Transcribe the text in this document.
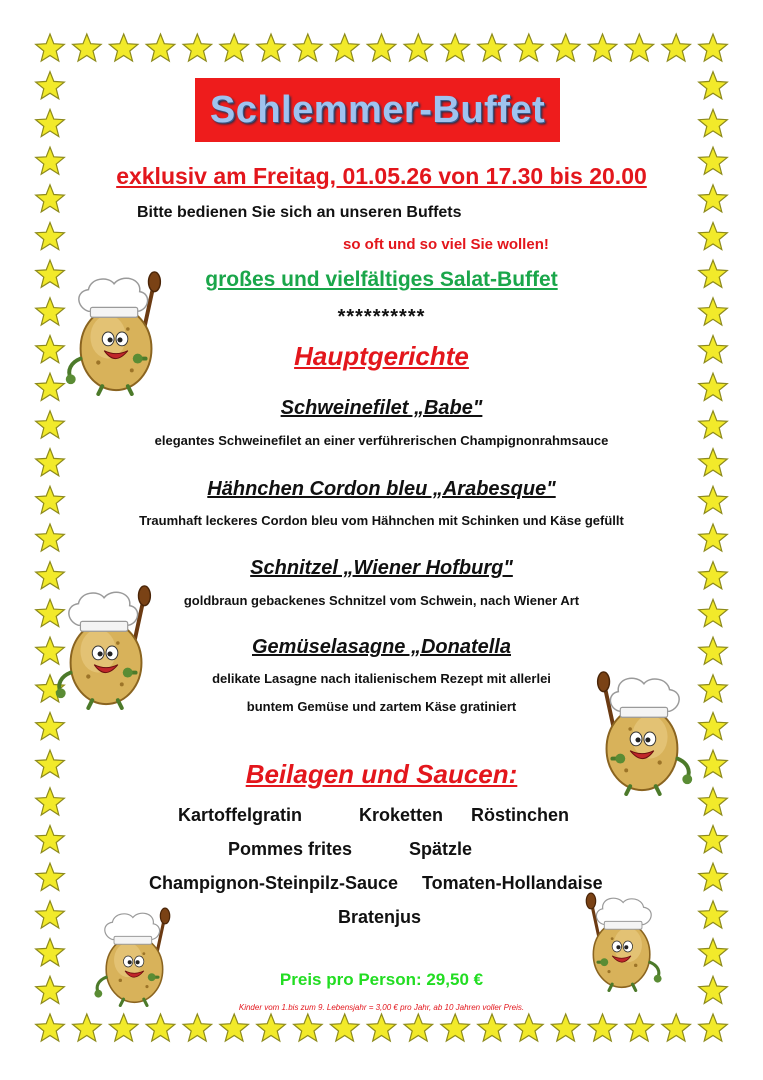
Schlemmer-Buffet
exklusiv am Freitag, 01.05.26 von 17.30 bis 20.00
Bitte bedienen Sie sich an unseren Buffets
so oft und so viel Sie wollen!
großes und vielfältiges Salat-Buffet
**********
Hauptgerichte
Schweinefilet „Babe"
elegantes Schweinefilet an einer verführerischen Champignonrahmsauce
Hähnchen Cordon bleu „Arabesque"
Traumhaft leckeres Cordon bleu vom Hähnchen mit Schinken und Käse gefüllt
Schnitzel „Wiener Hofburg"
goldbraun gebackenes Schnitzel vom Schwein, nach Wiener Art
Gemüselasagne „Donatella
delikate Lasagne nach italienischem Rezept mit allerlei
buntem Gemüse und zartem Käse gratiniert
Beilagen und Saucen:
Kartoffelgratin	Kroketten Röstinchen
Pommes frites	Spätzle
Champignon-Steinpilz-Sauce Tomaten-Hollandaise
Bratenjus
Preis pro Person: 29,50 €
Kinder vom 1.bis zum 9. Lebensjahr = 3,00 € pro Jahr, ab 10 Jahren voller Preis.
